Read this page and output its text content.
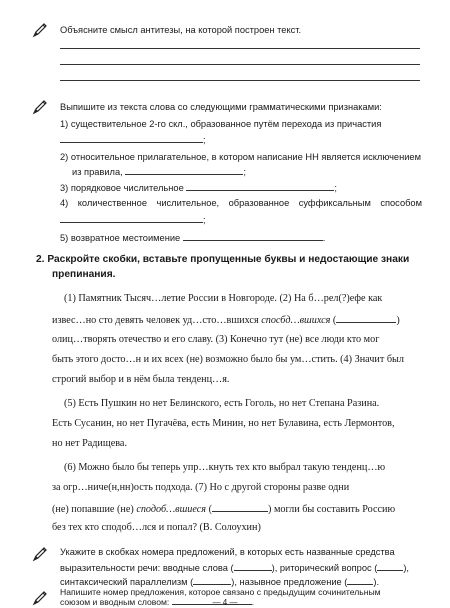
Объясните смысл антитезы, на которой построен текст.
Выпишите из текста слова со следующими грамматическими признаками:
1) существительное 2-го скл., образованное путём перехода из причастия
;
2) относительное прилагательное, в котором написание НН является исключением
из правила,	;
3) порядковое числительное	;
4) количественное числительное, образованное суффиксальным способом
;
5) возвратное местоимение	.
2. Раскройте скобки, вставьте пропущенные буквы и недостающие знаки
препинания.
(1) Памятник Тысяч…летие России в Новгороде. (2) На б…рел(?)ефе как
извес…но сто девять человек уд…сто…вшихся спосбд…вшихся (	)
олиц…творять отечество и его славу. (3) Конечно тут (не) все люди кто мог
быть этого досто…н и их всех (не) возможно было бы ум…стить. (4) Значит был
строгий выбор и в нём была тенденц…я.
(5) Есть Пушкин но нет Белинского, есть Гоголь, но нет Степана Разина.
Есть Сусанин, но нет Пугачёва, есть Минин, но нет Булавина, есть Лермонтов,
но нет Радищева.
(6) Можно было бы теперь упр…кнуть тех кто выбрал такую тенденц…ю
за огр…ниче(н,нн)ость подхода. (7) Но с другой стороны разве одни
(не) попавшие (не) сподоб…вшиеся (	) могли бы составить Россию
без тех кто сподоб…лся и попал? (В. Солоухин)
Укажите в скобках номера предложений, в которых есть названные средства
выразительности речи: вводные слова (	), риторический вопрос (	),
синтаксический параллелизм (	), назывное предложение (	).
Напишите номер предложения, которое связано с предыдущим сочинительным
союзом и вводным словом:	.
— 4 —
